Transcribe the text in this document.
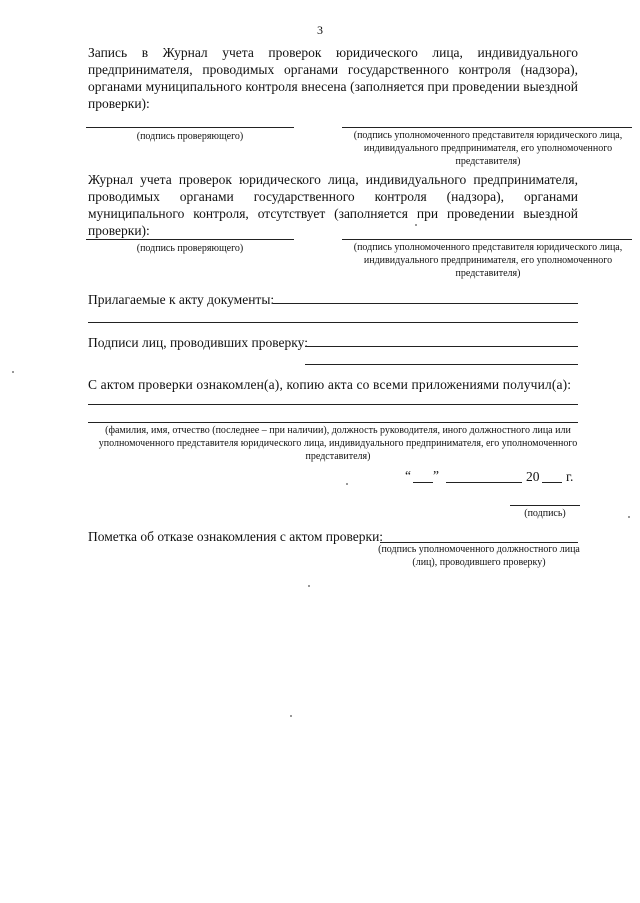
3
Запись в Журнал учета проверок юридического лица, индивидуального предпринимателя, проводимых органами государственного контроля (надзора), органами муниципального контроля внесена (заполняется при проведении выездной проверки):
(подпись проверяющего)	(подпись уполномоченного представителя юридического лица, индивидуального предпринимателя, его уполномоченного представителя)
Журнал учета проверок юридического лица, индивидуального предпринимателя, проводимых органами государственного контроля (надзора), органами муниципального контроля, отсутствует (заполняется при проведении выездной проверки):
(подпись проверяющего)	(подпись уполномоченного представителя юридического лица, индивидуального предпринимателя, его уполномоченного представителя)
Прилагаемые к акту документы:
Подписи лиц, проводивших проверку:
С актом проверки ознакомлен(а), копию акта со всеми приложениями получил(а):
(фамилия, имя, отчество (последнее – при наличии), должность руководителя, иного должностного лица или уполномоченного представителя юридического лица, индивидуального предпринимателя, его уполномоченного представителя)
“ ”	20 г.
(подпись)
Пометка об отказе ознакомления с актом проверки:
(подпись уполномоченного должностного лица (лиц), проводившего проверку)
